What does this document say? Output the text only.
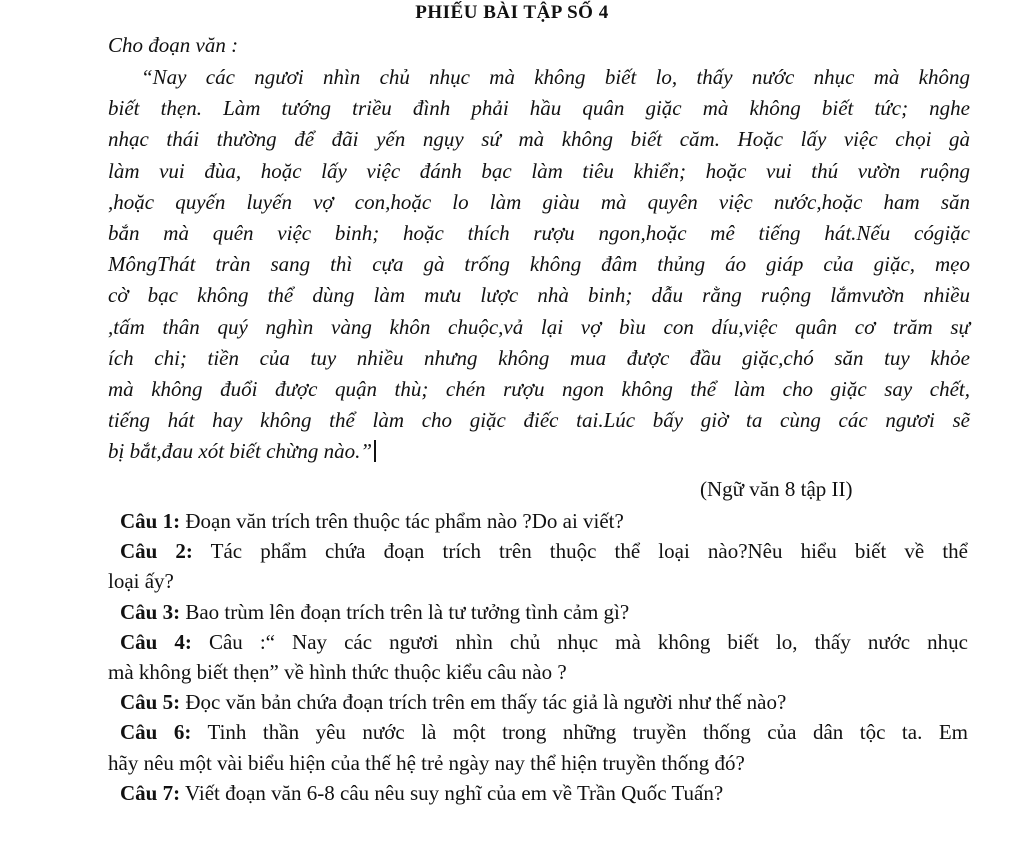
PHIẾU BÀI TẬP SỐ 4
Cho đoạn văn :
“Nay các ngươi nhìn chủ nhục mà không biết lo, thấy nước nhục mà không
biết thẹn. Làm tướng triều đình phải hầu quân giặc mà không biết tức; nghe
nhạc thái thường để đãi yến ngụy sứ mà không biết căm. Hoặc lấy việc chọi gà
làm vui đùa, hoặc lấy việc đánh bạc làm tiêu khiển; hoặc vui thú vườn ruộng
,hoặc quyến luyến vợ con,hoặc lo làm giàu mà quyên việc nước,hoặc ham săn
bắn mà quên việc binh; hoặc thích rượu ngon,hoặc mê tiếng hát.Nếu cógiặc
MôngThát tràn sang thì cựa gà trống không đâm thủng áo giáp của giặc, mẹo
cờ bạc không thể dùng làm mưu lược nhà binh; dẫu rằng ruộng lắmvườn nhiều
,tấm thân quý nghìn vàng khôn chuộc,vả lại vợ bìu con díu,việc quân cơ trăm sự
ích chi; tiền của tuy nhiều nhưng không mua được đầu giặc,chó săn tuy khỏe
mà không đuổi được quận thù; chén rượu ngon không thể làm cho giặc say chết,
tiếng hát hay không thể làm cho giặc điếc tai.Lúc bấy giờ ta cùng các ngươi sẽ
bị bắt,đau xót biết chừng nào.”
(Ngữ văn 8 tập II)
Câu 1: Đoạn văn trích trên thuộc tác phẩm nào ?Do ai viết?
Câu 2: Tác phẩm chứa đoạn trích trên thuộc thể loại nào?Nêu hiểu biết về thể
loại ấy?
Câu 3: Bao trùm lên đoạn trích trên là tư tưởng tình cảm gì?
Câu 4: Câu :“ Nay các ngươi nhìn chủ nhục mà không biết lo, thấy nước nhục
mà không biết thẹn” về hình thức thuộc kiểu câu nào ?
Câu 5: Đọc văn bản chứa đoạn trích trên em thấy tác giả là người như thế nào?
Câu 6: Tinh thần yêu nước là một trong những truyền thống của dân tộc ta. Em
hãy nêu một vài biểu hiện của thế hệ trẻ ngày nay thể hiện truyền thống đó?
Câu 7: Viết đoạn văn 6-8 câu nêu suy nghĩ của em về Trần Quốc Tuấn?
